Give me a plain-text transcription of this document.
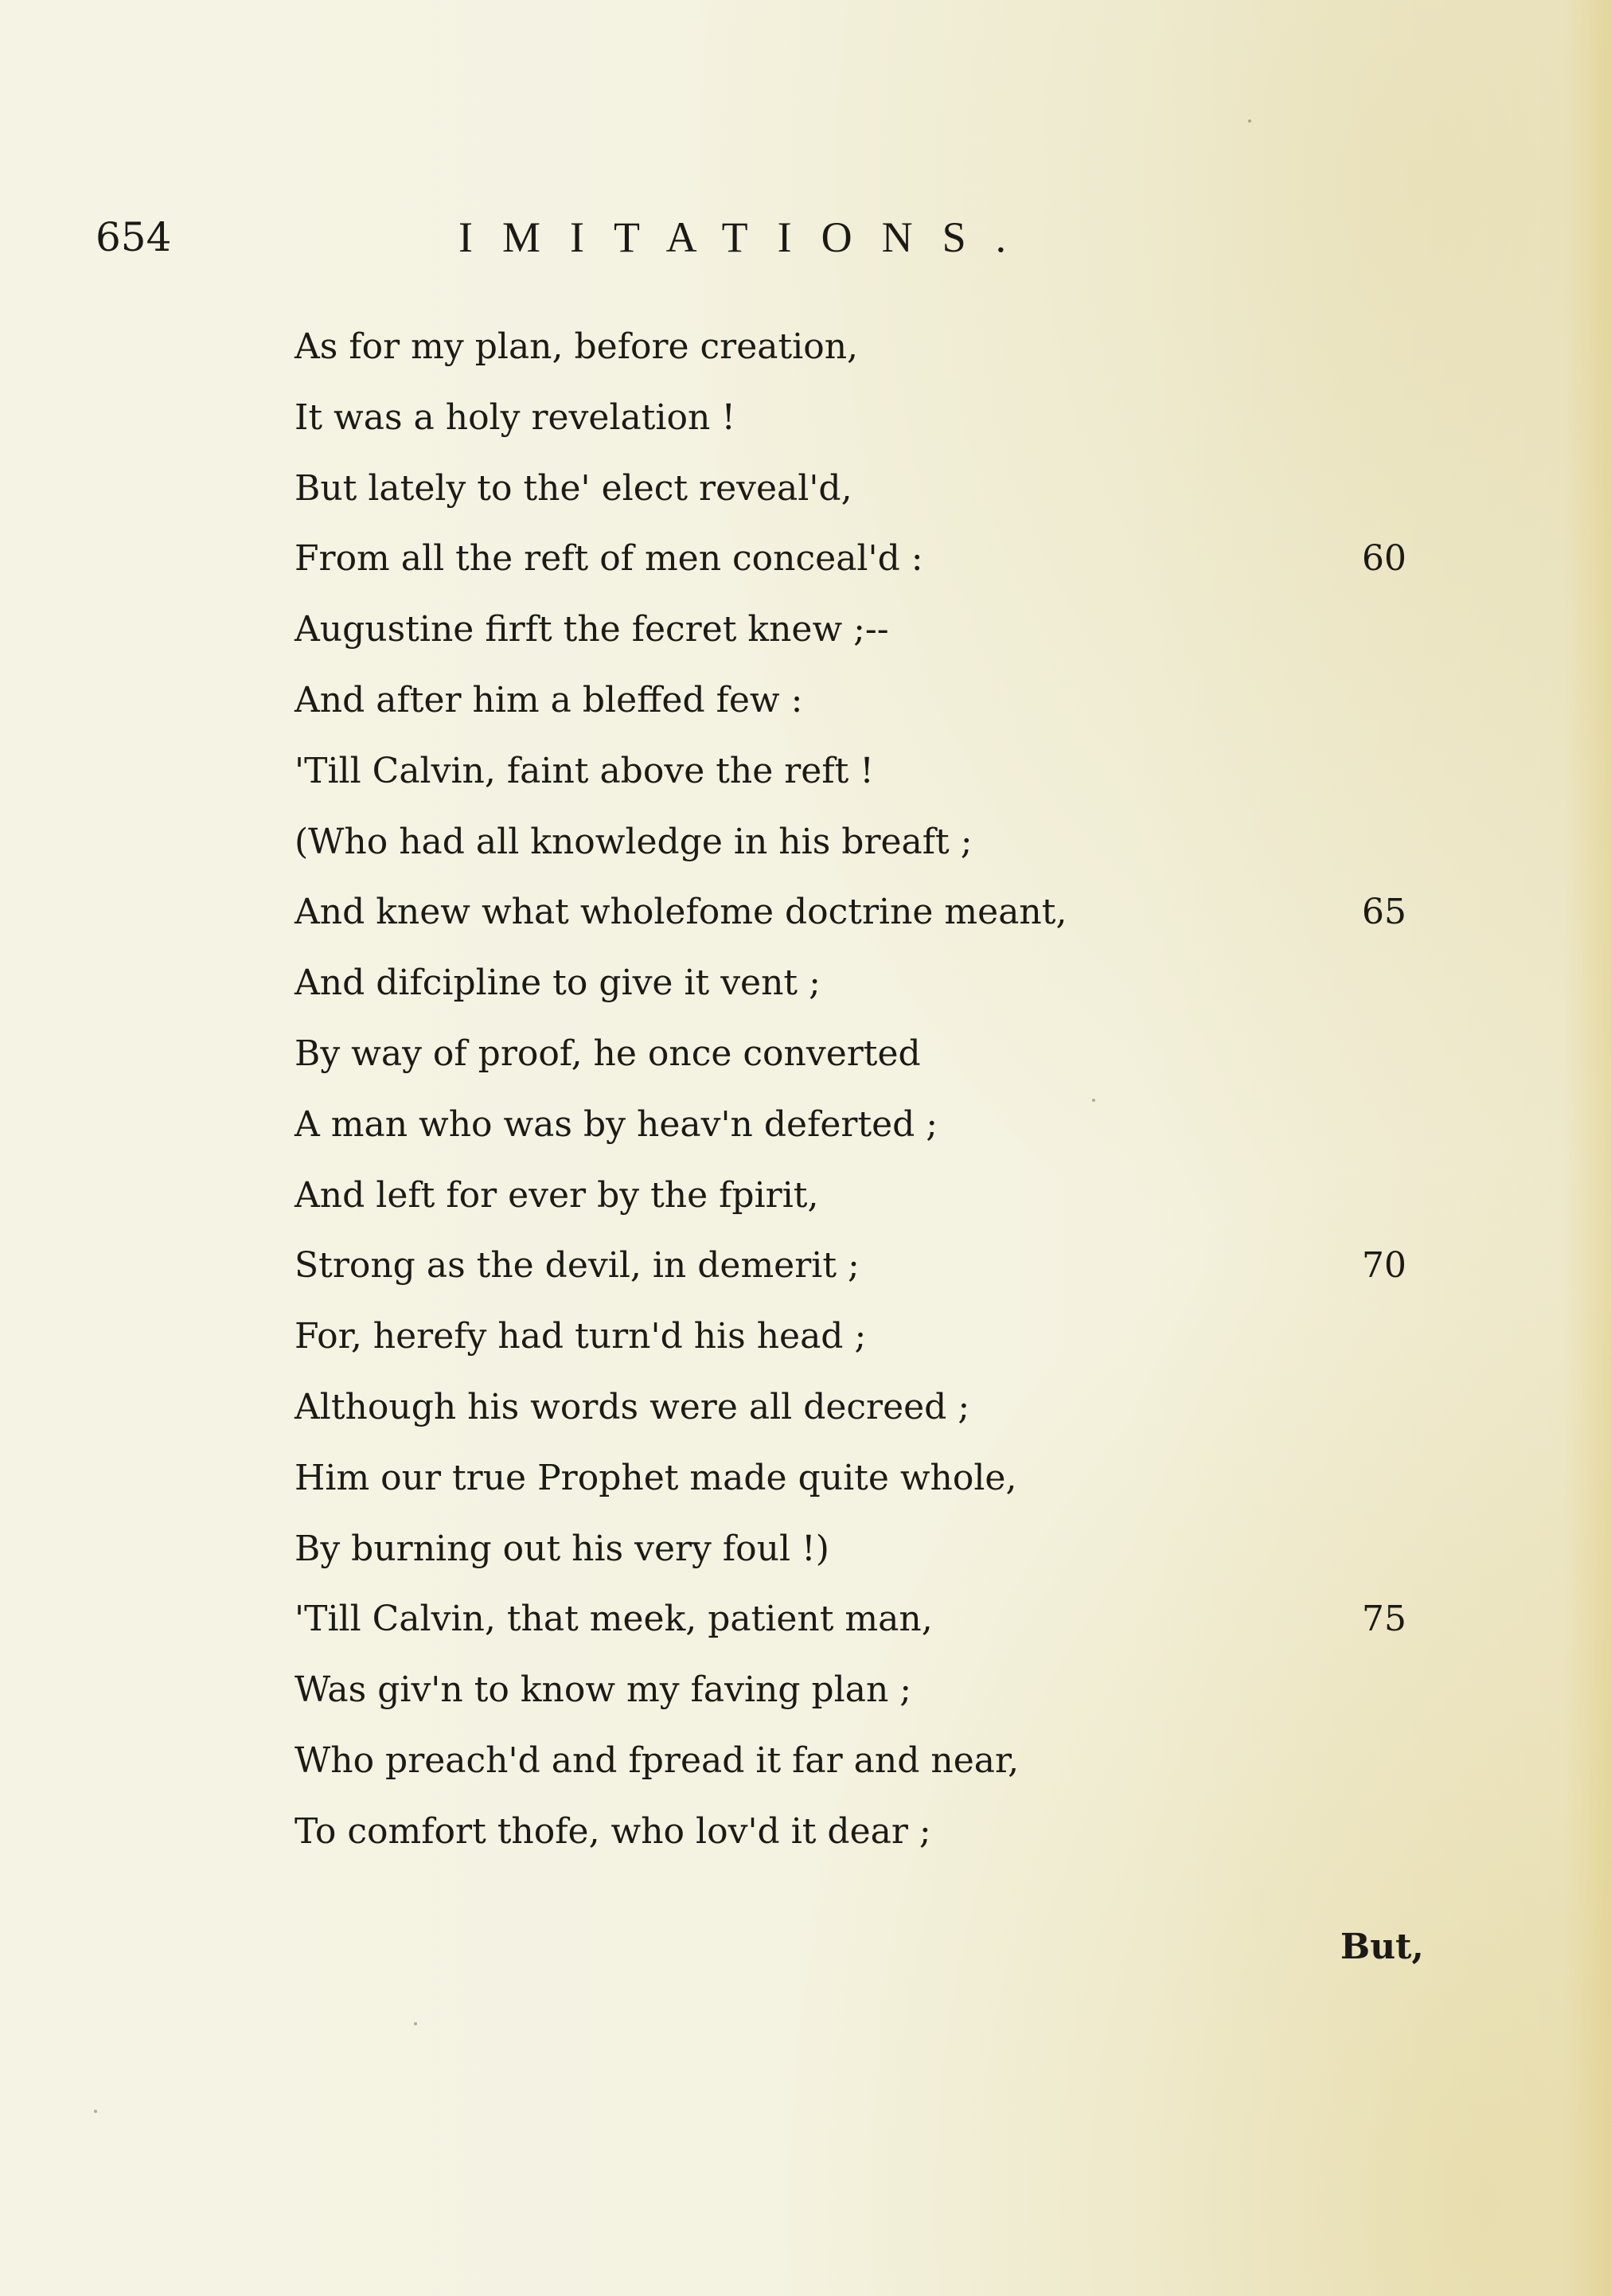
654	IMITATIONS.
As for my plan, before creation,
It was a holy revelation !
But lately to the' elect reveal'd,
From all the reft of men conceal'd :	60
Augustine firft the fecret knew ;--
And after him a bleffed few :
'Till Calvin, faint above the reft !
(Who had all knowledge in his breaft ;
And knew what wholefome doctrine meant,	65
And difcipline to give it vent ;
By way of proof, he once converted
A man who was by heav'n deferted ;
And left for ever by the fpirit,
Strong as the devil, in demerit ;	70
For, herefy had turn'd his head ;
Although his words were all decreed ;
Him our true Prophet made quite whole,
By burning out his very foul !)
'Till Calvin, that meek, patient man,	75
Was giv'n to know my faving plan ;
Who preach'd and fpread it far and near,
To comfort thofe, who lov'd it dear ;
But,
